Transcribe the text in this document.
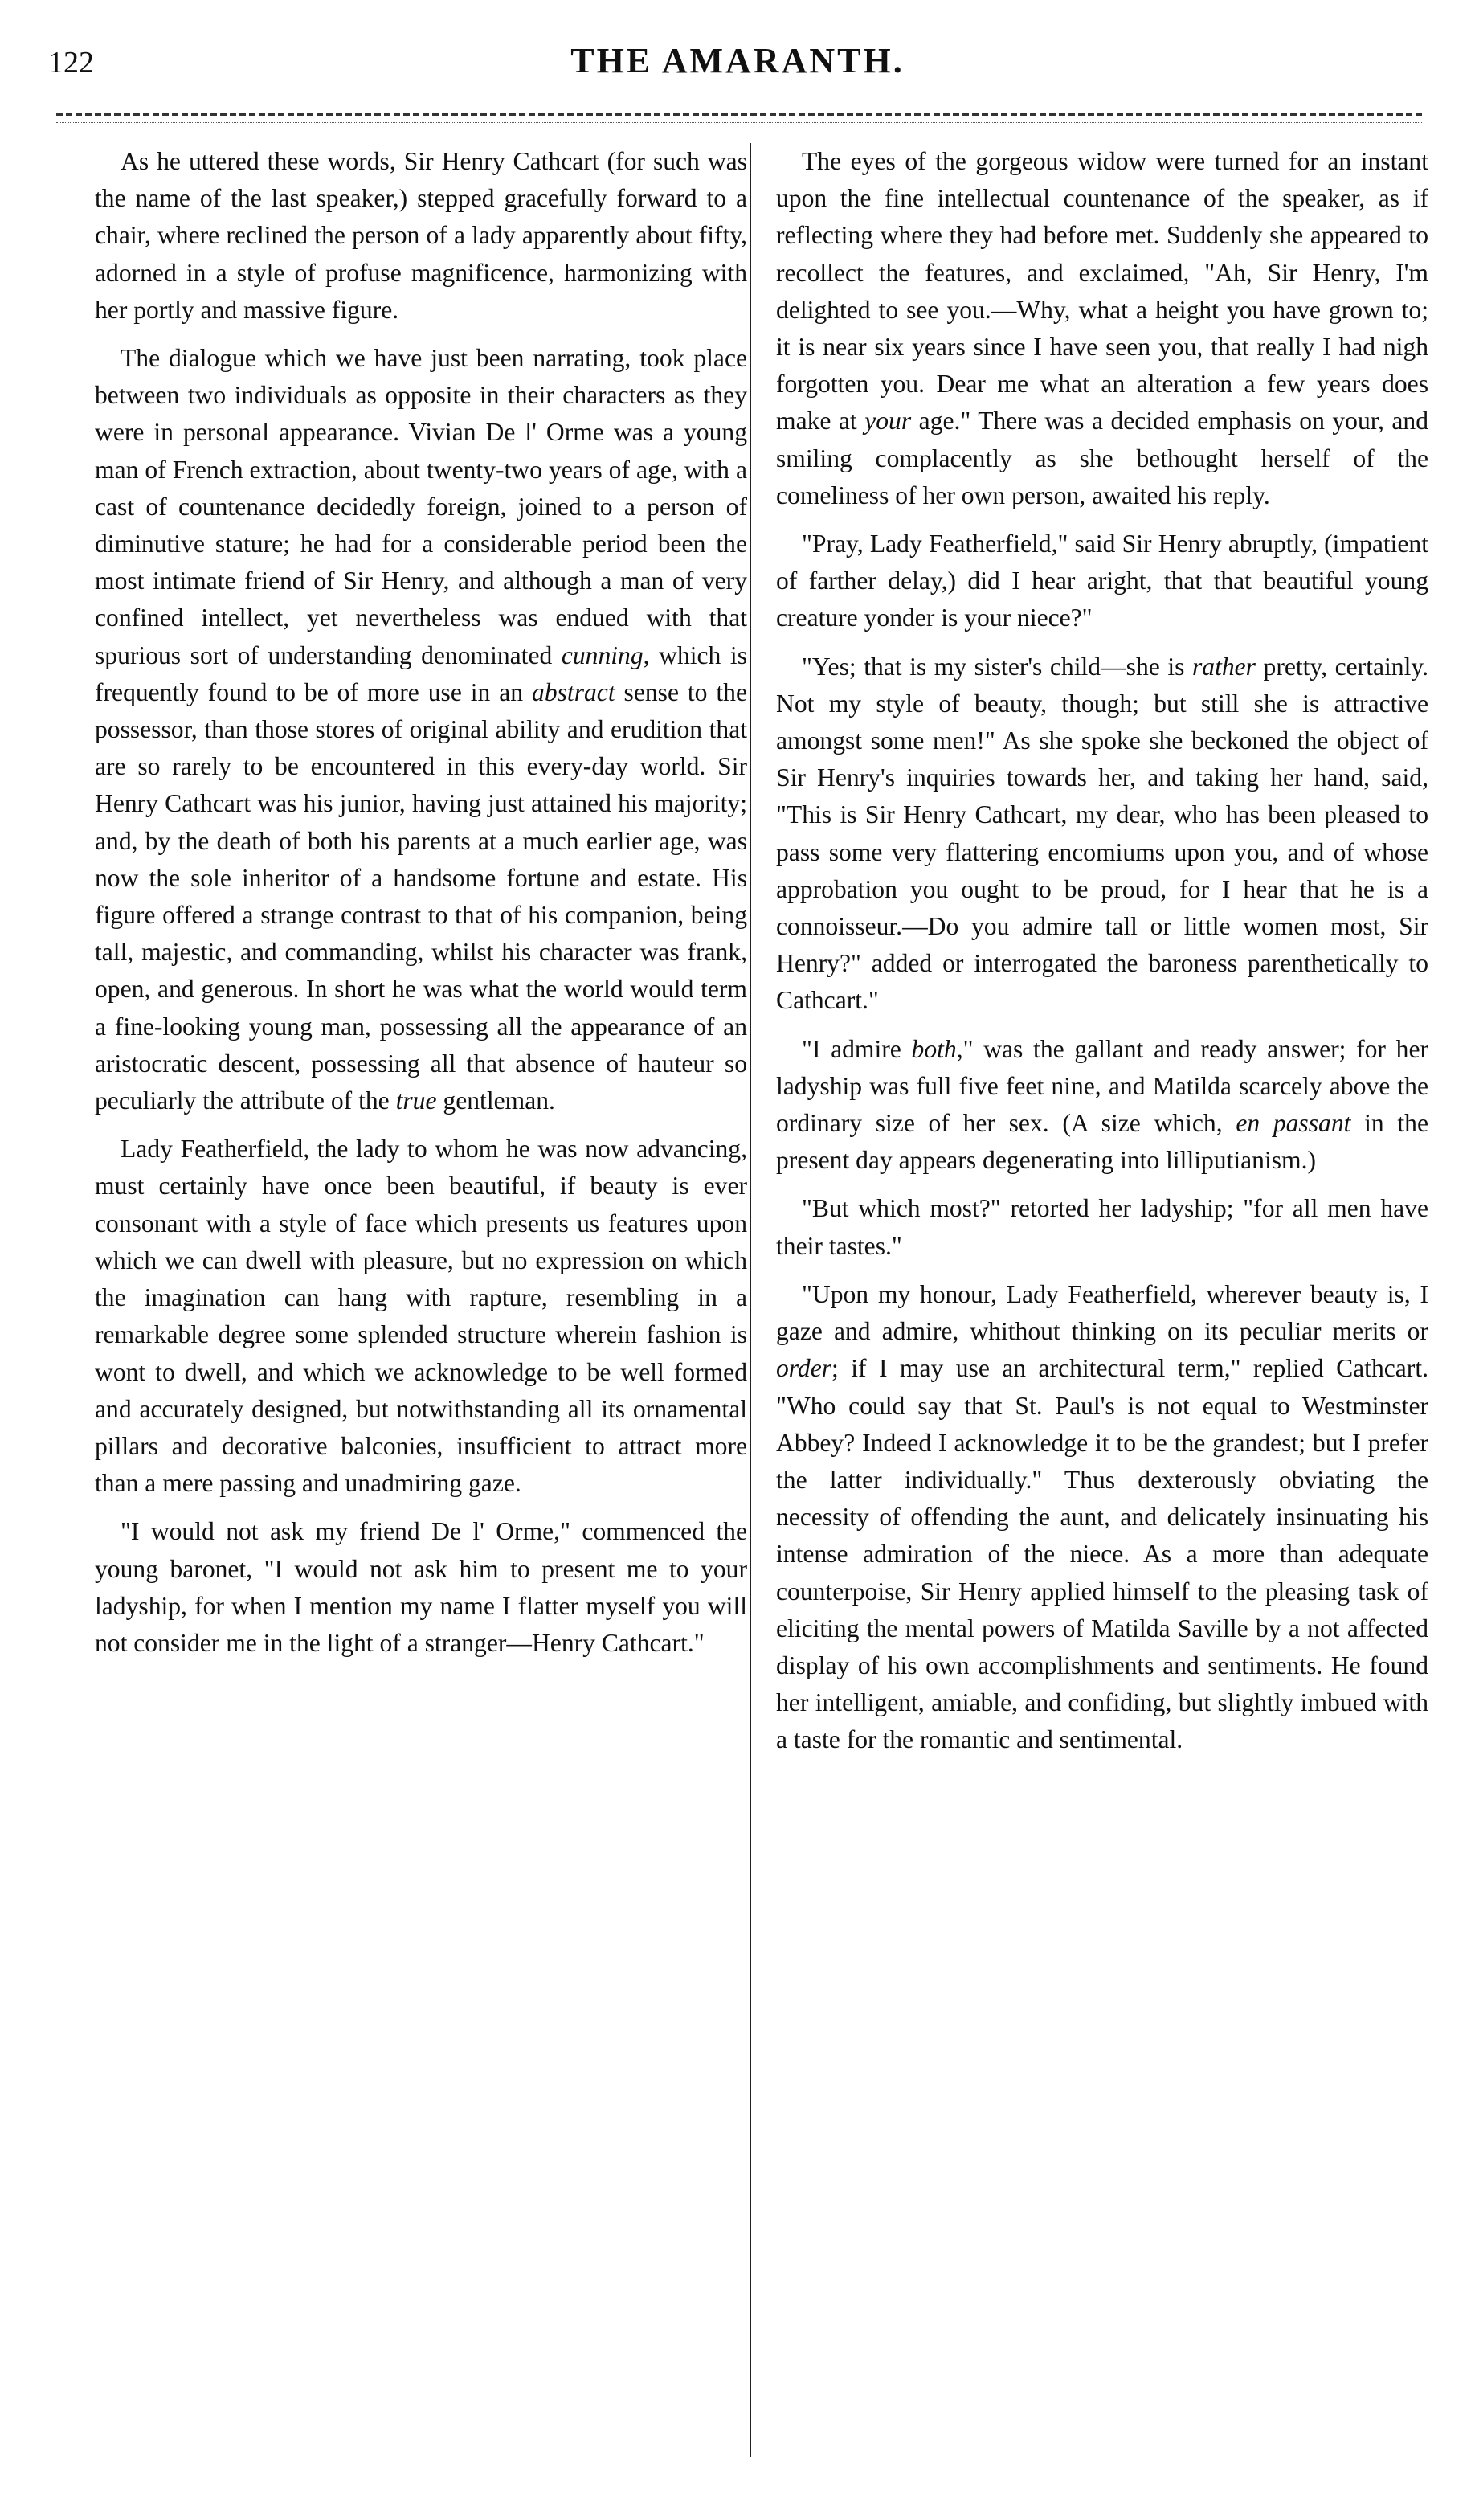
122	THE AMARANTH.

As he uttered these words, Sir Henry Cathcart (for such was the name of the last speaker,) stepped gracefully forward to a chair, where reclined the person of a lady apparently about fifty, adorned in a style of profuse magnificence, harmonizing with her portly and massive figure.

The dialogue which we have just been narrating, took place between two individuals as opposite in their characters as they were in personal appearance. Vivian De l' Orme was a young man of French extraction, about twenty-two years of age, with a cast of countenance decidedly foreign, joined to a person of diminutive stature; he had for a considerable period been the most intimate friend of Sir Henry, and although a man of very confined intellect, yet nevertheless was endued with that spurious sort of understanding denominated cunning, which is frequently found to be of more use in an abstract sense to the possessor, than those stores of original ability and erudition that are so rarely to be encountered in this every-day world. Sir Henry Cathcart was his junior, having just attained his majority; and, by the death of both his parents at a much earlier age, was now the sole inheritor of a handsome fortune and estate. His figure offered a strange contrast to that of his companion, being tall, majestic, and commanding, whilst his character was frank, open, and generous. In short he was what the world would term a fine-looking young man, possessing all the appearance of an aristocratic descent, possessing all that absence of hauteur so peculiarly the attribute of the true gentleman.

Lady Featherfield, the lady to whom he was now advancing, must certainly have once been beautiful, if beauty is ever consonant with a style of face which presents us features upon which we can dwell with pleasure, but no expression on which the imagination can hang with rapture, resembling in a remarkable degree some splended structure wherein fashion is wont to dwell, and which we acknowledge to be well formed and accurately designed, but notwithstanding all its ornamental pillars and decorative balconies, insufficient to attract more than a mere passing and unadmiring gaze.

"I would not ask my friend De l' Orme," commenced the young baronet, "I would not ask him to present me to your ladyship, for when I mention my name I flatter myself you will not consider me in the light of a stranger—Henry Cathcart."

The eyes of the gorgeous widow were turned for an instant upon the fine intellectual countenance of the speaker, as if reflecting where they had before met. Suddenly she appeared to recollect the features, and exclaimed, "Ah, Sir Henry, I'm delighted to see you.—Why, what a height you have grown to; it is near six years since I have seen you, that really I had nigh forgotten you. Dear me what an alteration a few years does make at your age." There was a decided emphasis on your, and smiling complacently as she bethought herself of the comeliness of her own person, awaited his reply.

"Pray, Lady Featherfield," said Sir Henry abruptly, (impatient of farther delay,) did I hear aright, that that beautiful young creature yonder is your niece?"

"Yes; that is my sister's child—she is rather pretty, certainly. Not my style of beauty, though; but still she is attractive amongst some men!" As she spoke she beckoned the object of Sir Henry's inquiries towards her, and taking her hand, said, "This is Sir Henry Cathcart, my dear, who has been pleased to pass some very flattering encomiums upon you, and of whose approbation you ought to be proud, for I hear that he is a connoisseur.—Do you admire tall or little women most, Sir Henry?" added or interrogated the baroness parenthetically to Cathcart."

"I admire both," was the gallant and ready answer; for her ladyship was full five feet nine, and Matilda scarcely above the ordinary size of her sex. (A size which, en passant in the present day appears degenerating into lilliputianism.)

"But which most?" retorted her ladyship; "for all men have their tastes."

"Upon my honour, Lady Featherfield, wherever beauty is, I gaze and admire, whithout thinking on its peculiar merits or order; if I may use an architectural term," replied Cathcart. "Who could say that St. Paul's is not equal to Westminster Abbey? Indeed I acknowledge it to be the grandest; but I prefer the latter individually." Thus dexterously obviating the necessity of offending the aunt, and delicately insinuating his intense admiration of the niece. As a more than adequate counterpoise, Sir Henry applied himself to the pleasing task of eliciting the mental powers of Matilda Saville by a not affected display of his own accomplishments and sentiments. He found her intelligent, amiable, and confiding, but slightly imbued with a taste for the romantic and sentimental.
